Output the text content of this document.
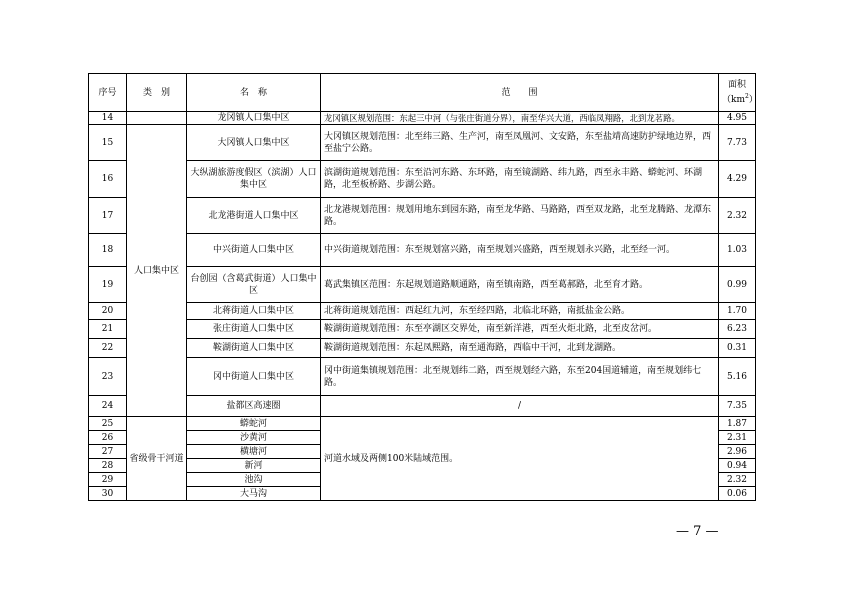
序号	类　别	名　称	范　　围	面积
$(km^2)$
14		龙冈镇人口集中区	龙冈镇区规划范围：东起三中河（与张庄街道分界），南至华兴大道，西临凤翔路，北到龙茗路。	4.95
15	人口集中区	大冈镇人口集中区	大冈镇区规划范围：北至纬三路、生产河，南至凤凰河、文安路，东至盐靖高速防护绿地边界，西至盐宁公路。	7.73
16		大纵湖旅游度假区（滨湖）人口集中区	滨湖街道规划范围：东至沿河东路、东环路，南至镜湖路、纬九路，西至永丰路、蟒蛇河、环湖路，北至板桥路、步湖公路。	4.29
17		北龙港街道人口集中区	北龙港规划范围：规划用地东到园东路，南至龙华路、马路路，西至双龙路，北至龙腾路、龙潭东路。	2.32
18		中兴街道人口集中区	中兴街道规划范围：东至规划富兴路，南至规划兴盛路，西至规划永兴路，北至经一河。	1.03
19		台创园（含葛武街道）人口集中区	葛武集镇区范围：东起规划道路顺通路，南至镇南路，西至葛郝路，北至育才路。	0.99
20		北蒋街道人口集中区	北蒋街道规划范围：西起红九河，东至经四路，北临北环路，南抵盐金公路。	1.70
21		张庄街道人口集中区	鞍湖街道规划范围：东至亭湖区交界处，南至新洋港，西至火炬北路，北至皮岔河。	6.23
22		鞍湖街道人口集中区	鞍湖街道规划范围：东起凤熙路，南至通海路，西临中干河，北到龙湖路。	0.31
23		冈中街道人口集中区	冈中街道集镇规划范围：北至规划纬二路，西至规划经六路，东至204国道辅道，南至规划纬七路。	5.16
24		盐都区高速圈	/	7.35
25	省级骨干河道	蟒蛇河	河道水域及两侧100米陆域范围。	1.87
26		沙黄河		2.31
27		横塘河		2.96
28		新河		0.94
29		池沟		2.32
30		大马沟		0.06
— 7 —
